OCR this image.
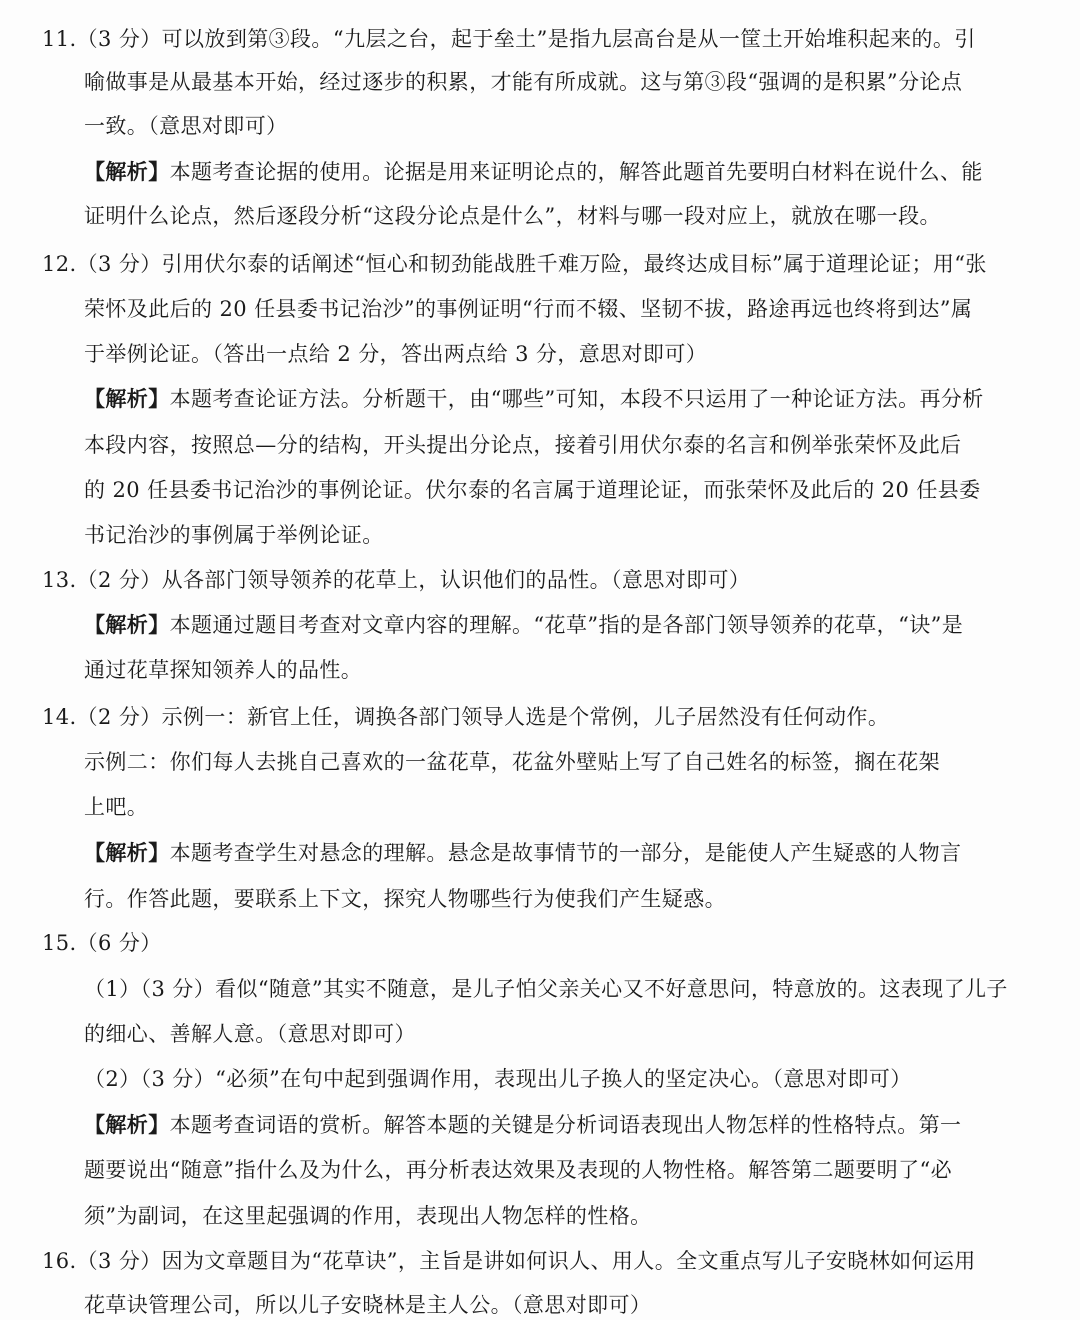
11.（3 分）可以放到第③段。“九层之台，起于垒土”是指九层高台是从一筐土开始堆积起来的。引
喻做事是从最基本开始，经过逐步的积累，才能有所成就。这与第③段“强调的是积累”分论点
一致。（意思对即可）
【解析】本题考查论据的使用。论据是用来证明论点的，解答此题首先要明白材料在说什么、能
证明什么论点，然后逐段分析“这段分论点是什么”，材料与哪一段对应上，就放在哪一段。
12.（3 分）引用伏尔泰的话阐述“恒心和韧劲能战胜千难万险，最终达成目标”属于道理论证；用“张
荣怀及此后的 20 任县委书记治沙”的事例证明“行而不辍、坚韧不拔，路途再远也终将到达”属
于举例论证。（答出一点给 2 分，答出两点给 3 分，意思对即可）
【解析】本题考查论证方法。分析题干，由“哪些”可知，本段不只运用了一种论证方法。再分析
本段内容，按照总—分的结构，开头提出分论点，接着引用伏尔泰的名言和例举张荣怀及此后
的 20 任县委书记治沙的事例论证。伏尔泰的名言属于道理论证，而张荣怀及此后的 20 任县委
书记治沙的事例属于举例论证。
13.（2 分）从各部门领导领养的花草上，认识他们的品性。（意思对即可）
【解析】本题通过题目考查对文章内容的理解。“花草”指的是各部门领导领养的花草，“诀”是
通过花草探知领养人的品性。
14.（2 分）示例一：新官上任，调换各部门领导人选是个常例，儿子居然没有任何动作。
示例二：你们每人去挑自己喜欢的一盆花草，花盆外壁贴上写了自己姓名的标签，搁在花架
上吧。
【解析】本题考查学生对悬念的理解。悬念是故事情节的一部分，是能使人产生疑惑的人物言
行。作答此题，要联系上下文，探究人物哪些行为使我们产生疑惑。
15.（6 分）
（1）（3 分）看似“随意”其实不随意，是儿子怕父亲关心又不好意思问，特意放的。这表现了儿子
的细心、善解人意。（意思对即可）
（2）（3 分）“必须”在句中起到强调作用，表现出儿子换人的坚定决心。（意思对即可）
【解析】本题考查词语的赏析。解答本题的关键是分析词语表现出人物怎样的性格特点。第一
题要说出“随意”指什么及为什么，再分析表达效果及表现的人物性格。解答第二题要明了“必
须”为副词，在这里起强调的作用，表现出人物怎样的性格。
16.（3 分）因为文章题目为“花草诀”，主旨是讲如何识人、用人。全文重点写儿子安晓林如何运用
花草诀管理公司，所以儿子安晓林是主人公。（意思对即可）
